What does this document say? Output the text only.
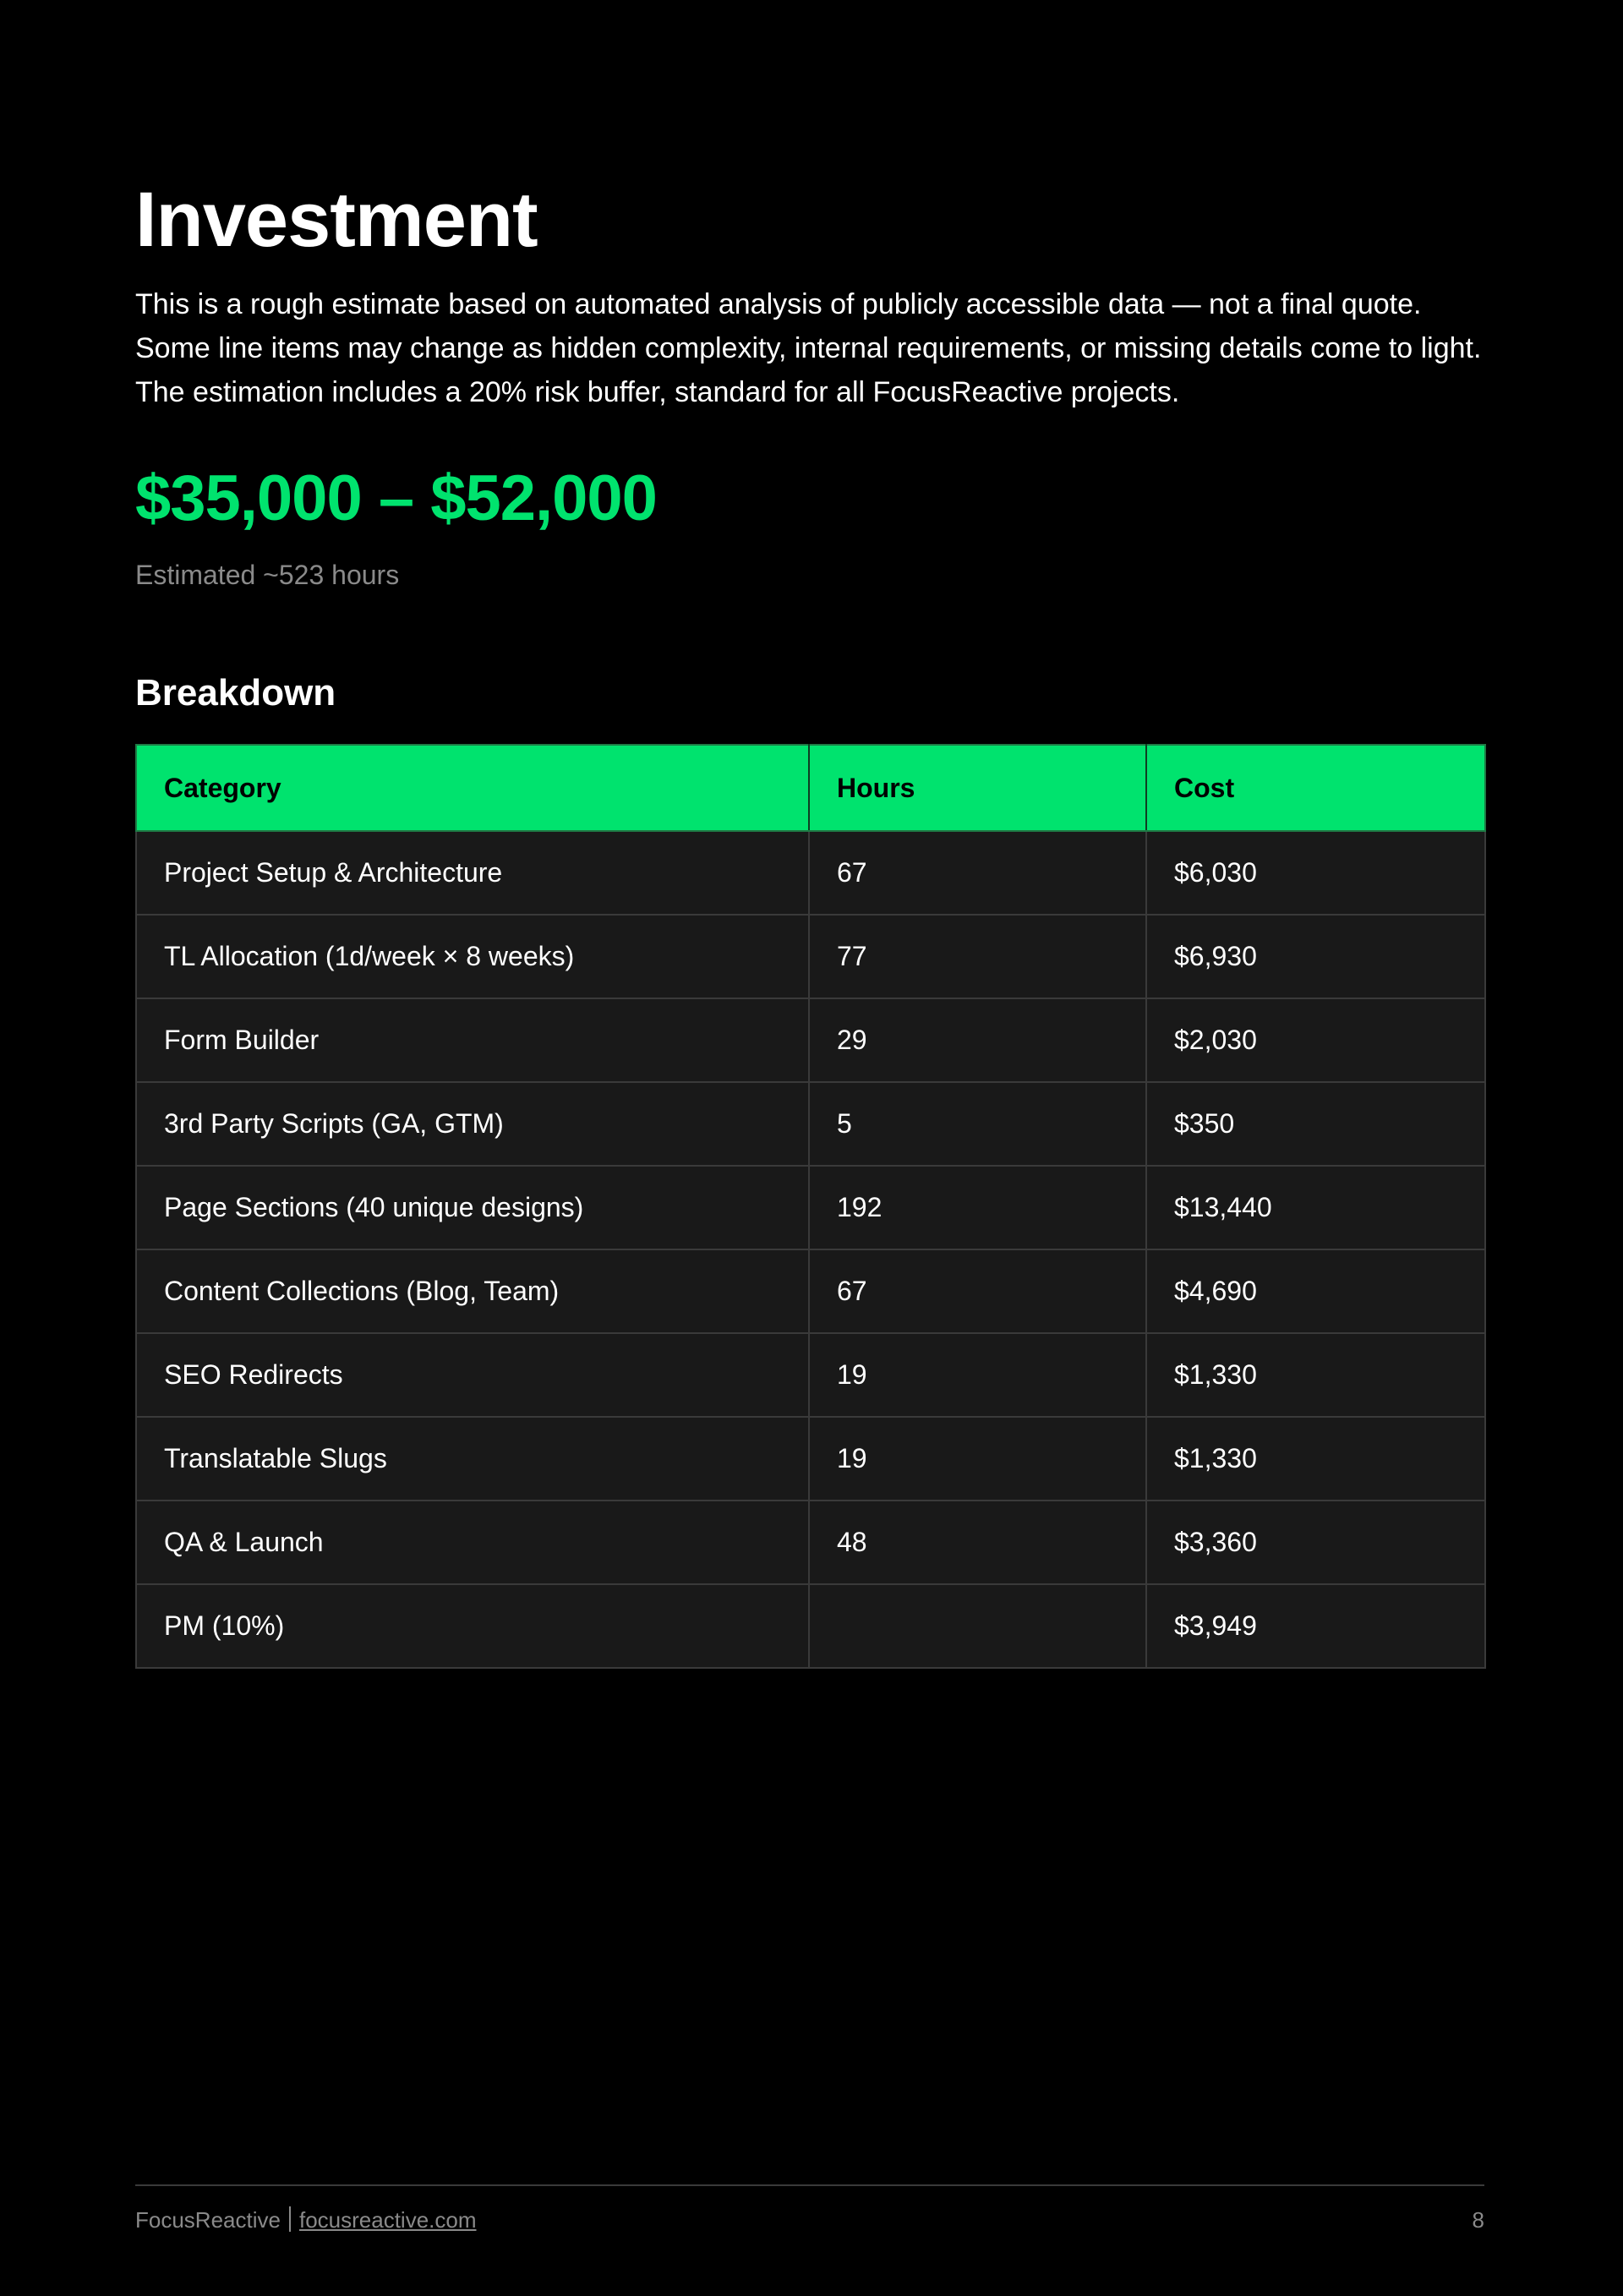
Investment

This is a rough estimate based on automated analysis of publicly accessible data — not a final quote. Some line items may change as hidden complexity, internal requirements, or missing details come to light. The estimation includes a 20% risk buffer, standard for all FocusReactive projects.

$35,000 – $52,000
Estimated ~523 hours
Breakdown
Category	Hours	Cost
Project Setup & Architecture	67	$6,030
TL Allocation (1d/week × 8 weeks)	77	$6,930
Form Builder	29	$2,030
3rd Party Scripts (GA, GTM)	5	$350
Page Sections (40 unique designs)	192	$13,440
Content Collections (Blog, Team)	67	$4,690
SEO Redirects	19	$1,330
Translatable Slugs	19	$1,330
QA & Launch	48	$3,360
PM (10%)		$3,949
FocusReactive focusreactive.com	8
